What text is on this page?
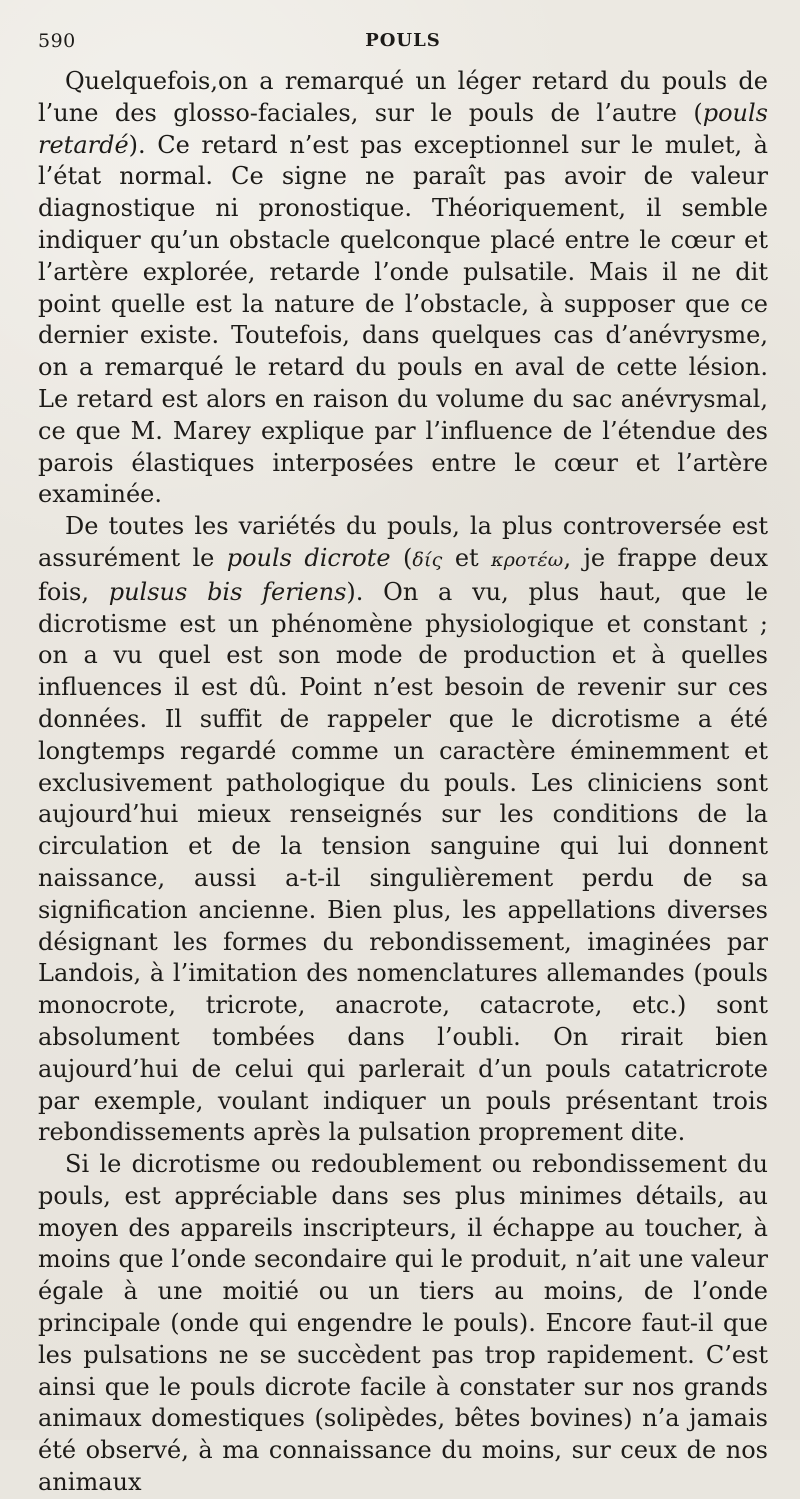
590	POULS

Quelquefois,on a remarqué un léger retard du pouls de l’une des glosso-faciales, sur le pouls de l’autre (pouls retardé). Ce retard n’est pas exceptionnel sur le mulet, à l’état normal. Ce signe ne paraît pas avoir de valeur diagnostique ni pronostique. Théoriquement, il semble indiquer qu’un obstacle quelconque placé entre le cœur et l’artère explorée, retarde l’onde pulsatile. Mais il ne dit point quelle est la nature de l’obstacle, à supposer que ce dernier existe. Toutefois, dans quelques cas d’anévrysme, on a remarqué le retard du pouls en aval de cette lésion. Le retard est alors en raison du volume du sac anévrysmal, ce que M. Marey explique par l’influence de l’étendue des parois élastiques interposées entre le cœur et l’artère examinée.

De toutes les variétés du pouls, la plus controversée est assurément le pouls dicrote (δίς et κροτέω, je frappe deux fois, pulsus bis feriens). On a vu, plus haut, que le dicrotisme est un phénomène physiologique et constant ; on a vu quel est son mode de production et à quelles influences il est dû. Point n’est besoin de revenir sur ces données. Il suffit de rappeler que le dicrotisme a été longtemps regardé comme un caractère éminemment et exclusivement pathologique du pouls. Les cliniciens sont aujourd’hui mieux renseignés sur les conditions de la circulation et de la tension sanguine qui lui donnent naissance, aussi a-t-il singulièrement perdu de sa signification ancienne. Bien plus, les appellations diverses désignant les formes du rebondissement, imaginées par Landois, à l’imitation des nomenclatures allemandes (pouls monocrote, tricrote, anacrote, catacrote, etc.) sont absolument tombées dans l’oubli. On rirait bien aujourd’hui de celui qui parlerait d’un pouls catatricrote par exemple, voulant indiquer un pouls présentant trois rebondissements après la pulsation proprement dite.

Si le dicrotisme ou redoublement ou rebondissement du pouls, est appréciable dans ses plus minimes détails, au moyen des appareils inscripteurs, il échappe au toucher, à moins que l’onde secondaire qui le produit, n’ait une valeur égale à une moitié ou un tiers au moins, de l’onde principale (onde qui engendre le pouls). Encore faut-il que les pulsations ne se succèdent pas trop rapidement. C’est ainsi que le pouls dicrote facile à constater sur nos grands animaux domestiques (solipèdes, bêtes bovines) n’a jamais été observé, à ma connaissance du moins, sur ceux de nos animaux
